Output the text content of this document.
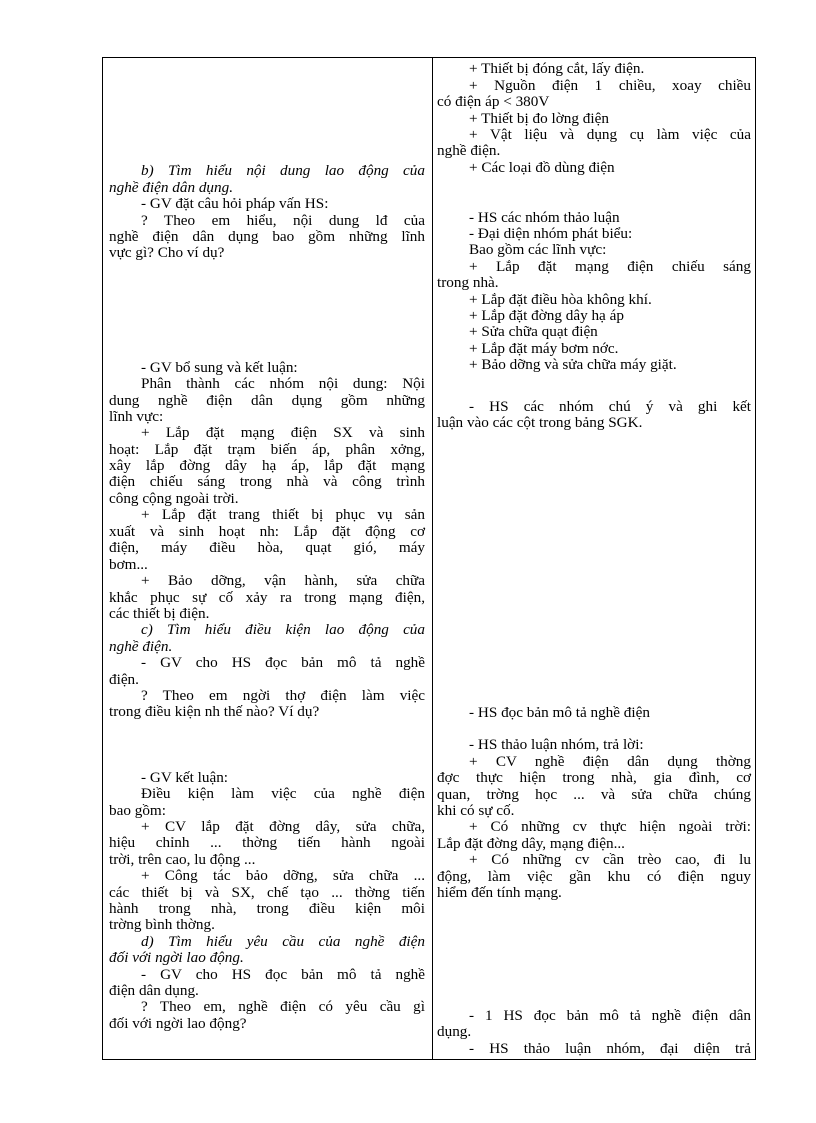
b) Tìm hiểu nội dung lao động của
nghề điện dân dụng.
- GV đặt câu hỏi pháp vấn HS:
? Theo em hiểu, nội dung lđ của
nghề điện dân dụng bao gồm những lĩnh
vực gì? Cho ví dụ?
- GV bổ sung và kết luận:
Phân thành các nhóm nội dung: Nội
dung nghề điện dân dụng gồm những
lĩnh vực:
+ Lắp đặt mạng điện SX và sinh
hoạt: Lắp đặt trạm biến áp, phân xởng,
xây lắp đờng dây hạ áp, lắp đặt mạng
điện chiếu sáng trong nhà và công trình
công cộng ngoài trời.
+ Lắp đặt trang thiết bị phục vụ sản
xuất và sinh hoạt nh: Lắp đặt động cơ
điện, máy điều hòa, quạt gió, máy
bơm...
+ Bảo dỡng, vận hành, sửa chữa
khắc phục sự cố xảy ra trong mạng điện,
các thiết bị điện.
c) Tìm hiểu điều kiện lao động của
nghề điện.
- GV cho HS đọc bản mô tả nghề
điện.
? Theo em ngời thợ điện làm việc
trong điều kiện nh thế nào? Ví dụ?
- GV kết luận:
Điều kiện làm việc của nghề điện
bao gồm:
+ CV lắp đặt đờng dây, sửa chữa,
hiệu chỉnh ... thờng tiến hành ngoài
trời, trên cao, lu động ...
+ Công tác bảo dỡng, sửa chữa ...
các thiết bị và SX, chế tạo ... thờng tiến
hành trong nhà, trong điều kiện môi
trờng bình thờng.
d) Tìm hiểu yêu cầu của nghề điện
đối với ngời lao động.
- GV cho HS đọc bản mô tả nghề
điện dân dụng.
? Theo em, nghề điện có yêu cầu gì
đối với ngời lao động?
+ Thiết bị đóng cắt, lấy điện.
+ Nguồn điện 1 chiều, xoay chiều
có điện áp < 380V
+ Thiết bị đo lờng điện
+ Vật liệu và dụng cụ làm việc của
nghề điện.
+ Các loại đồ dùng điện
- HS các nhóm thảo luận
- Đại diện nhóm phát biểu:
Bao gồm các lĩnh vực:
+ Lắp đặt mạng điện chiếu sáng
trong nhà.
+ Lắp đặt điều hòa không khí.
+ Lắp đặt đờng dây hạ áp
+ Sửa chữa quạt điện
+ Lắp đặt máy bơm nớc.
+ Bảo dỡng và sửa chữa máy giặt.
- HS các nhóm chú ý và ghi kết
luận vào các cột trong bảng SGK.
- HS đọc bản mô tả nghề điện
- HS thảo luận nhóm, trả lời:
+ CV nghề điện dân dụng thờng
đợc thực hiện trong nhà, gia đình, cơ
quan, trờng học ... và sửa chữa chúng
khi có sự cố.
+ Có những cv thực hiện ngoài trời:
Lắp đặt đờng dây, mạng điện...
+ Có những cv cần trèo cao, đi lu
động, làm việc gần khu có điện nguy
hiểm đến tính mạng.
- 1 HS đọc bản mô tả nghề điện dân
dụng.
- HS thảo luận nhóm, đại diện trả
